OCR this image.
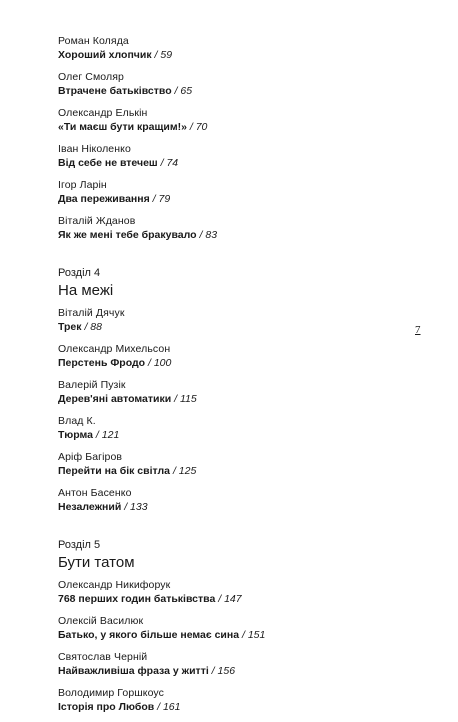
Роман Коляда
Хороший хлопчик / 59
Олег Смоляр
Втрачене батьківство / 65
Олександр Елькін
«Ти маєш бути кращим!» / 70
Іван Ніколенко
Від себе не втечеш / 74
Ігор Ларін
Два переживання / 79
Віталій Жданов
Як же мені тебе бракувало / 83
Розділ 4
На межі
Віталій Дячук
Трек / 88
Олександр Михельсон
Перстень Фродо / 100
Валерій Пузік
Дерев'яні автоматики / 115
Влад К.
Тюрма / 121
Аріф Багіров
Перейти на бік світла / 125
Антон Басенко
Незалежний / 133
Розділ 5
Бути татом
Олександр Никифорук
768 перших годин батьківства / 147
Олексій Василюк
Батько, у якого більше немає сина / 151
Святослав Черній
Найважливіша фраза у житті / 156
Володимир Горшкоус
Історія про Любов / 161
7
